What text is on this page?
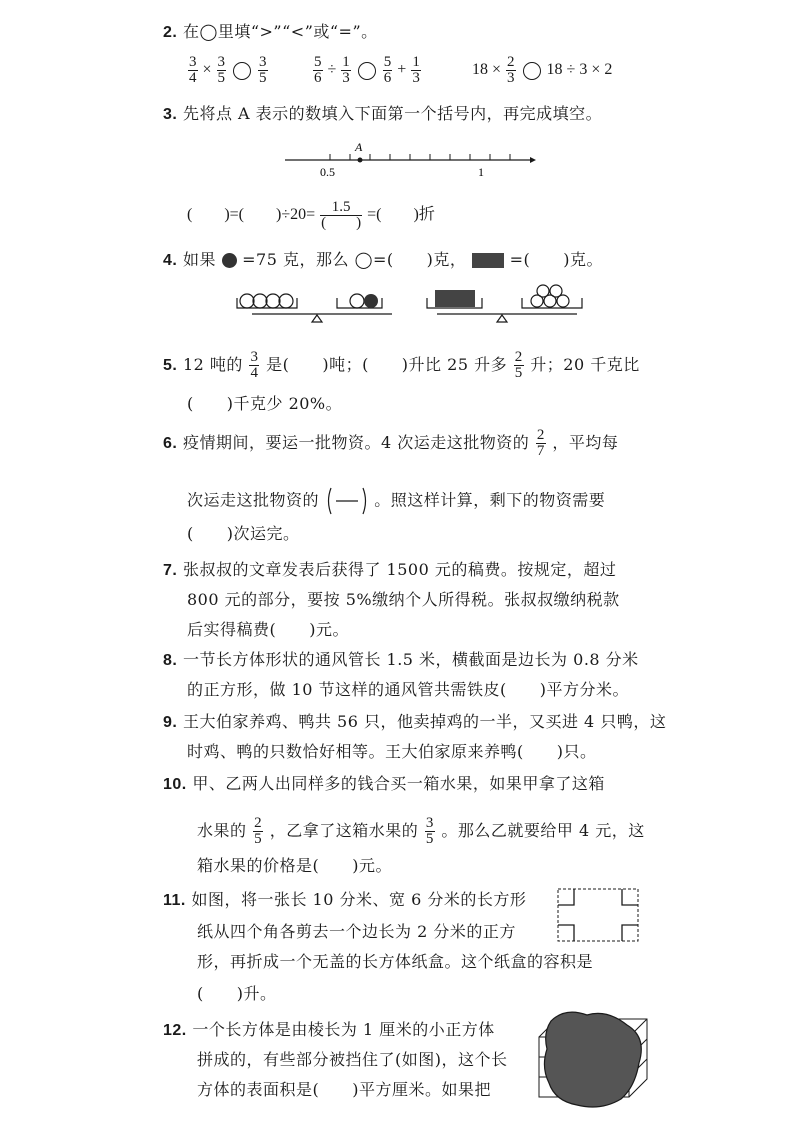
2. 在◯里填“>”“<”或“=”。
$\frac{3}{4} \times \frac{3}{5}$
$\frac{3}{5}$	$\frac{5}{6} \div \frac{1}{3}$
$\frac{5}{6} + \frac{1}{3}$	$18 \times \frac{2}{3} 18 \div 3 \times 2$
3. 先将点 A 表示的数填入下面第一个括号内，再完成填空。
A
0.5	1
(　　)=(　　)$\div 20= \frac{1.5}{( )}$ =(　　)折
4. 如果 =75 克，那么 ◯=(　　)克，	=(　　)克。
5. 12 吨的 $\frac{3}{4}$ 是(　　)吨；(　　)升比 25 升多 $\frac{2}{5}$ 升；20 千克比
(　　)千克少 20%。
6. 疫情期间，要运一批物资。4 次运走这批物资的 $\frac{2}{7}$ ，平均每
次运走这批物资的	。照这样计算，剩下的物资需要
(　　)次运完。
7. 张叔叔的文章发表后获得了 1500 元的稿费。按规定，超过
800 元的部分，要按 5%缴纳个人所得税。张叔叔缴纳税款
后实得稿费(　　)元。
8. 一节长方体形状的通风管长 1.5 米，横截面是边长为 0.8 分米
的正方形，做 10 节这样的通风管共需铁皮(　　)平方分米。
9. 王大伯家养鸡、鸭共 56 只，他卖掉鸡的一半，又买进 4 只鸭，这
时鸡、鸭的只数恰好相等。王大伯家原来养鸭(　　)只。
10. 甲、乙两人出同样多的钱合买一箱水果，如果甲拿了这箱
水果的 $\frac{2}{5}$ ，乙拿了这箱水果的 $\frac{3}{5}$ 。那么乙就要给甲 4 元，这
箱水果的价格是(　　)元。
11. 如图，将一张长 10 分米、宽 6 分米的长方形
纸从四个角各剪去一个边长为 2 分米的正方
形，再折成一个无盖的长方体纸盒。这个纸盒的容积是
(　　)升。
12. 一个长方体是由棱长为 1 厘米的小正方体
拼成的，有些部分被挡住了(如图)，这个长
方体的表面积是(　　)平方厘米。如果把
